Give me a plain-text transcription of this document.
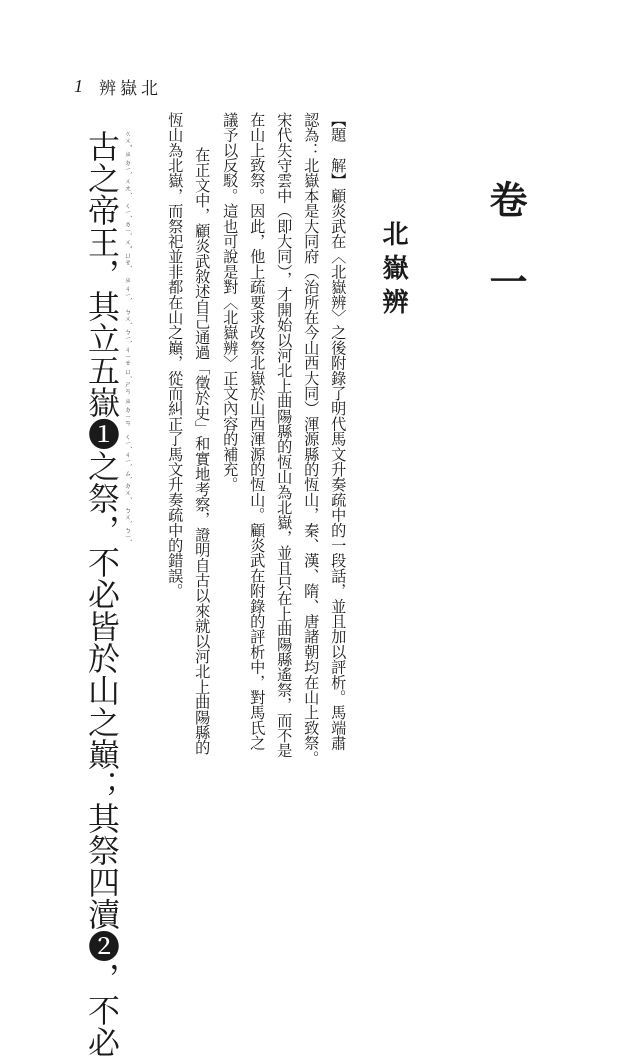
1 辨嶽北
卷一
北嶽辨
【題　解】顧炎武在〈北嶽辨〉之後附錄了明代馬文升奏疏中的一段話，並且加以評析。馬端肅
認為：北嶽本是大同府（治所在今山西大同）渾源縣的恆山，秦、漢、隋、唐諸朝均在山上致祭。
宋代失守雲中（即大同），才開始以河北上曲陽縣的恆山為北嶽，並且只在上曲陽縣遙祭，而不是
在山上致祭。因此，他上疏要求改祭北嶽於山西渾源的恆山。顧炎武在附錄的評析中，對馬氏之
議予以反駁。這也可說是對〈北嶽辨〉正文內容的補充。
在正文中，顧炎武敘述自己通過「徵於史」和實地考察，證明自古以來就以河北上曲陽縣的
恆山為北嶽，而祭祀並非都在山之巔，從而糾正了馬文升奏疏中的錯誤。
古之帝王，其立五嶽❶之祭，不必皆於山之巔；其祭四瀆❷，不必 ㄍㄨˇ ㄓ ㄉㄧˋ ㄨㄤˊ　ㄑㄧˊ ㄌㄧˋ ㄨˇ ㄩㄝˋ　ㄓ ㄐㄧˋ　ㄅㄨˋ ㄅㄧˋ ㄐㄧㄝ ㄩˊ ㄕㄢ ㄓ ㄉㄧㄢ　ㄑㄧˊ ㄐㄧˋ ㄙˋ ㄉㄨˊ　ㄅㄨˋ ㄅㄧˋ
